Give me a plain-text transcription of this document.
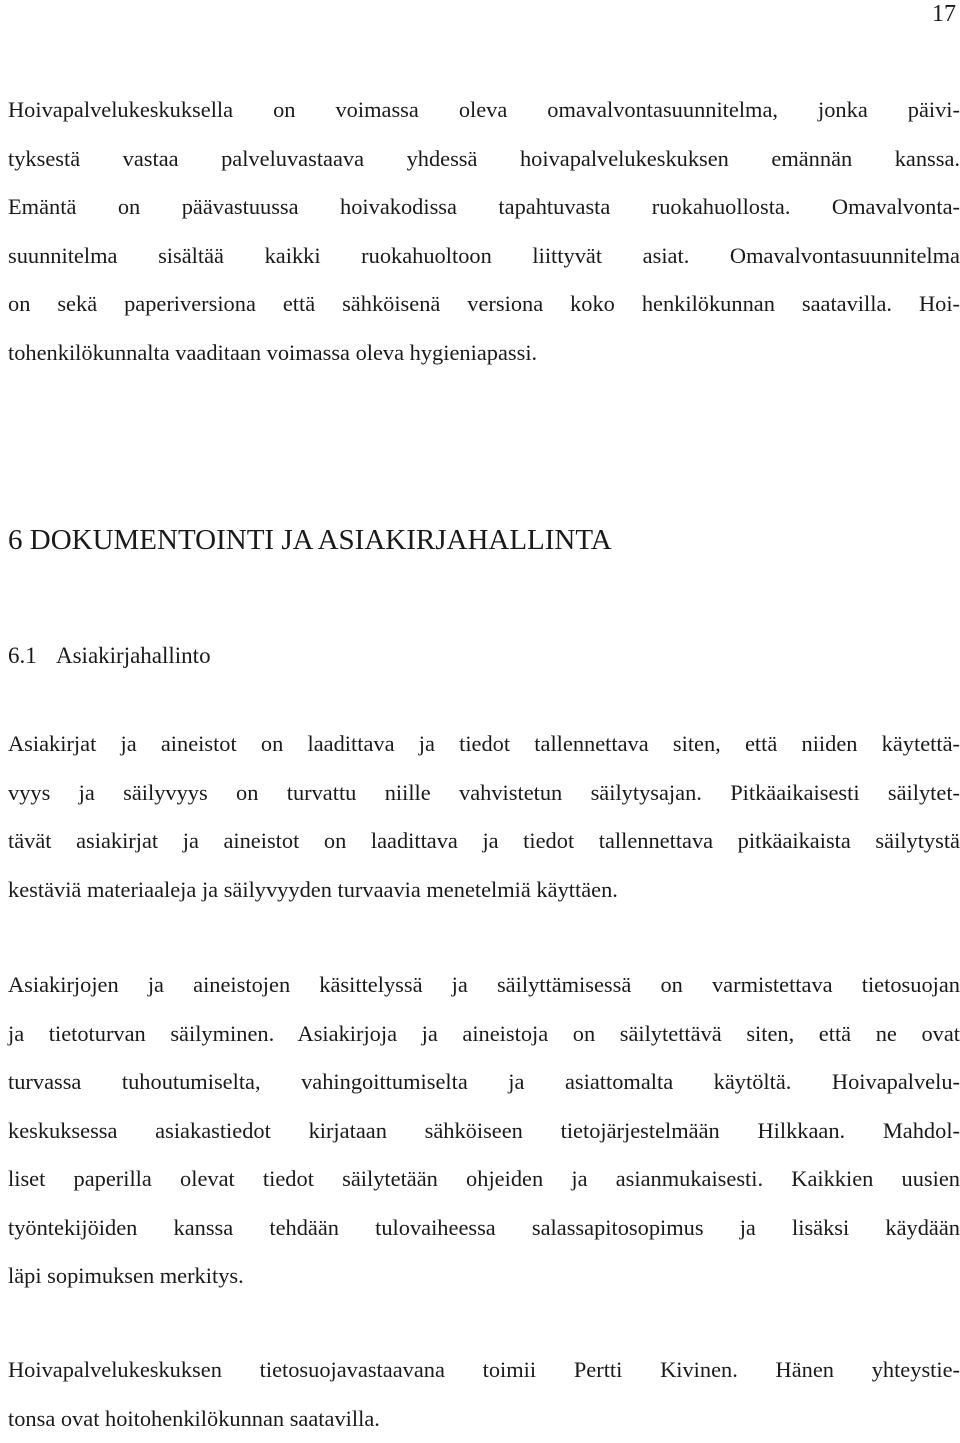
17

Hoivapalvelukeskuksella on voimassa oleva omavalvontasuunnitelma, jonka päivi-
tyksestä vastaa palveluvastaava yhdessä hoivapalvelukeskuksen emännän kanssa.
Emäntä on päävastuussa hoivakodissa tapahtuvasta ruokahuollosta. Omavalvonta-
suunnitelma sisältää kaikki ruokahuoltoon liittyvät asiat. Omavalvontasuunnitelma
on sekä paperiversiona että sähköisenä versiona koko henkilökunnan saatavilla. Hoi-
tohenkilökunnalta vaaditaan voimassa oleva hygieniapassi.

6 DOKUMENTOINTI JA ASIAKIRJAHALLINTA
6.1 Asiakirjahallinto

Asiakirjat ja aineistot on laadittava ja tiedot tallennettava siten, että niiden käytettä-
vyys ja säilyvyys on turvattu niille vahvistetun säilytysajan. Pitkäaikaisesti säilytet-
tävät asiakirjat ja aineistot on laadittava ja tiedot tallennettava pitkäaikaista säilytystä
kestäviä materiaaleja ja säilyvyyden turvaavia menetelmiä käyttäen.

Asiakirjojen ja aineistojen käsittelyssä ja säilyttämisessä on varmistettava tietosuojan
ja tietoturvan säilyminen. Asiakirjoja ja aineistoja on säilytettävä siten, että ne ovat
turvassa tuhoutumiselta, vahingoittumiselta ja asiattomalta käytöltä. Hoivapalvelu-
keskuksessa asiakastiedot kirjataan sähköiseen tietojärjestelmään Hilkkaan. Mahdol-
liset paperilla olevat tiedot säilytetään ohjeiden ja asianmukaisesti. Kaikkien uusien
työntekijöiden kanssa tehdään tulovaiheessa salassapitosopimus ja lisäksi käydään
läpi sopimuksen merkitys.

Hoivapalvelukeskuksen tietosuojavastaavana toimii Pertti Kivinen. Hänen yhteystie-
tonsa ovat hoitohenkilökunnan saatavilla.
